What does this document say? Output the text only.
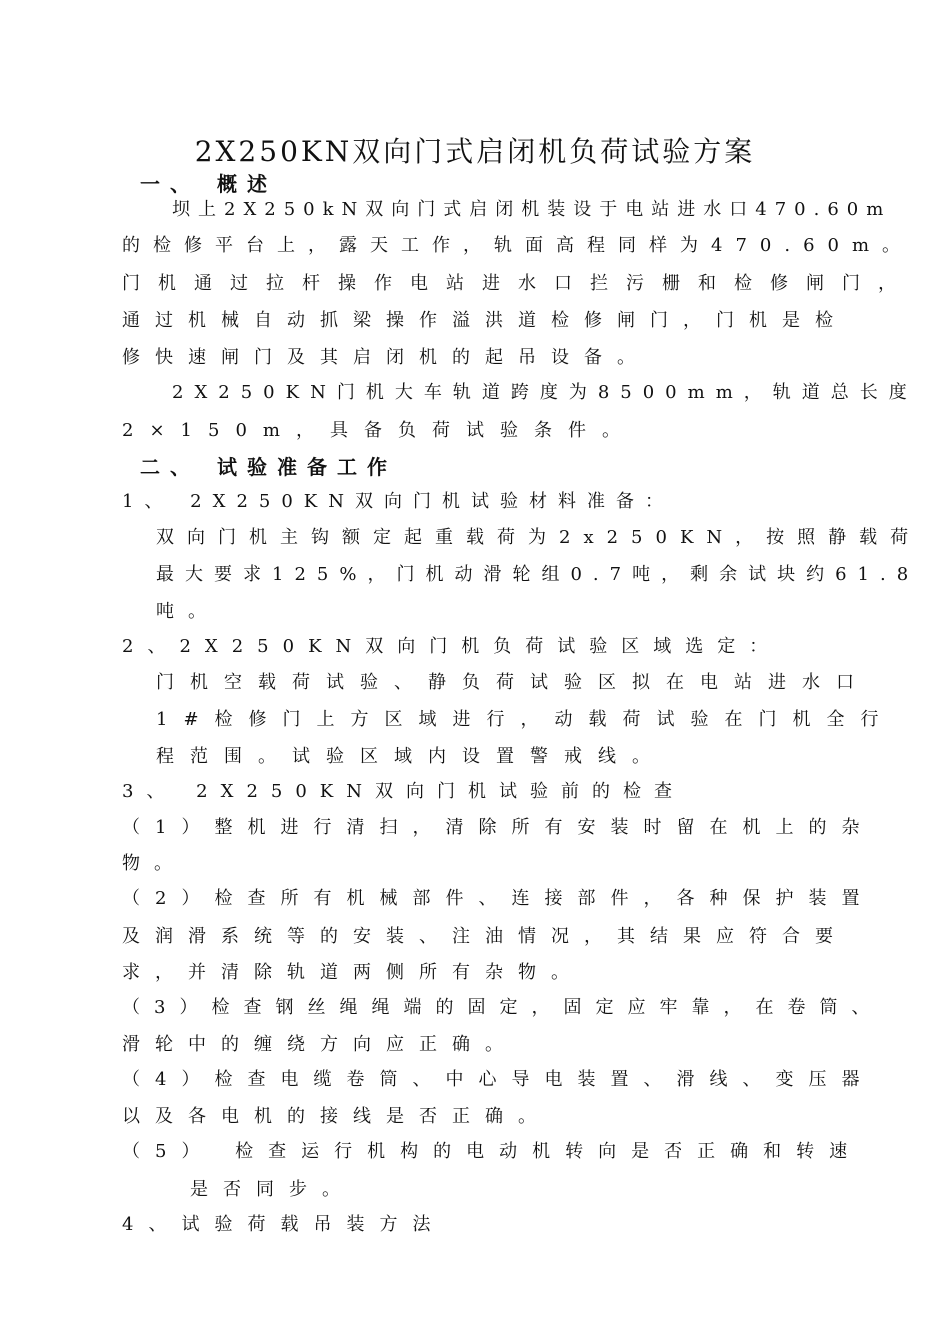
2X250KN双向门式启闭机负荷试验方案
一、 概述
坝上2X250kN双向门式启闭机装设于电站进水口470.60m
的检修平台上，露天工作，轨面高程同样为470.60m。
门机通过拉杆操作电站进水口拦污栅和检修闸门，
通过机械自动抓梁操作溢洪道检修闸门，门机是检
修快速闸门及其启闭机的起吊设备。
2X250KN门机大车轨道跨度为8500mm，轨道总长度
2×150m，具备负荷试验条件。
二、 试验准备工作
1、 2X250KN双向门机试验材料准备：
双向门机主钩额定起重载荷为2x250KN，按照静载荷
最大要求125%，门机动滑轮组0.7吨，剩余试块约61.8
吨。
2、2X250KN双向门机负荷试验区域选定：
门机空载荷试验、静负荷试验区拟在电站进水口
1#检修门上方区域进行，动载荷试验在门机全行
程范围。试验区域内设置警戒线。
3、 2X250KN双向门机试验前的检查
（1）整机进行清扫，清除所有安装时留在机上的杂
物。
（2）检查所有机械部件、连接部件，各种保护装置
及润滑系统等的安装、注油情况，其结果应符合要
求，并清除轨道两侧所有杂物。
（3）检查钢丝绳绳端的固定，固定应牢靠，在卷筒、
滑轮中的缠绕方向应正确。
（4）检查电缆卷筒、中心导电装置、滑线、变压器
以及各电机的接线是否正确。
（5） 检查运行机构的电动机转向是否正确和转速
是否同步。
4、试验荷载吊装方法
